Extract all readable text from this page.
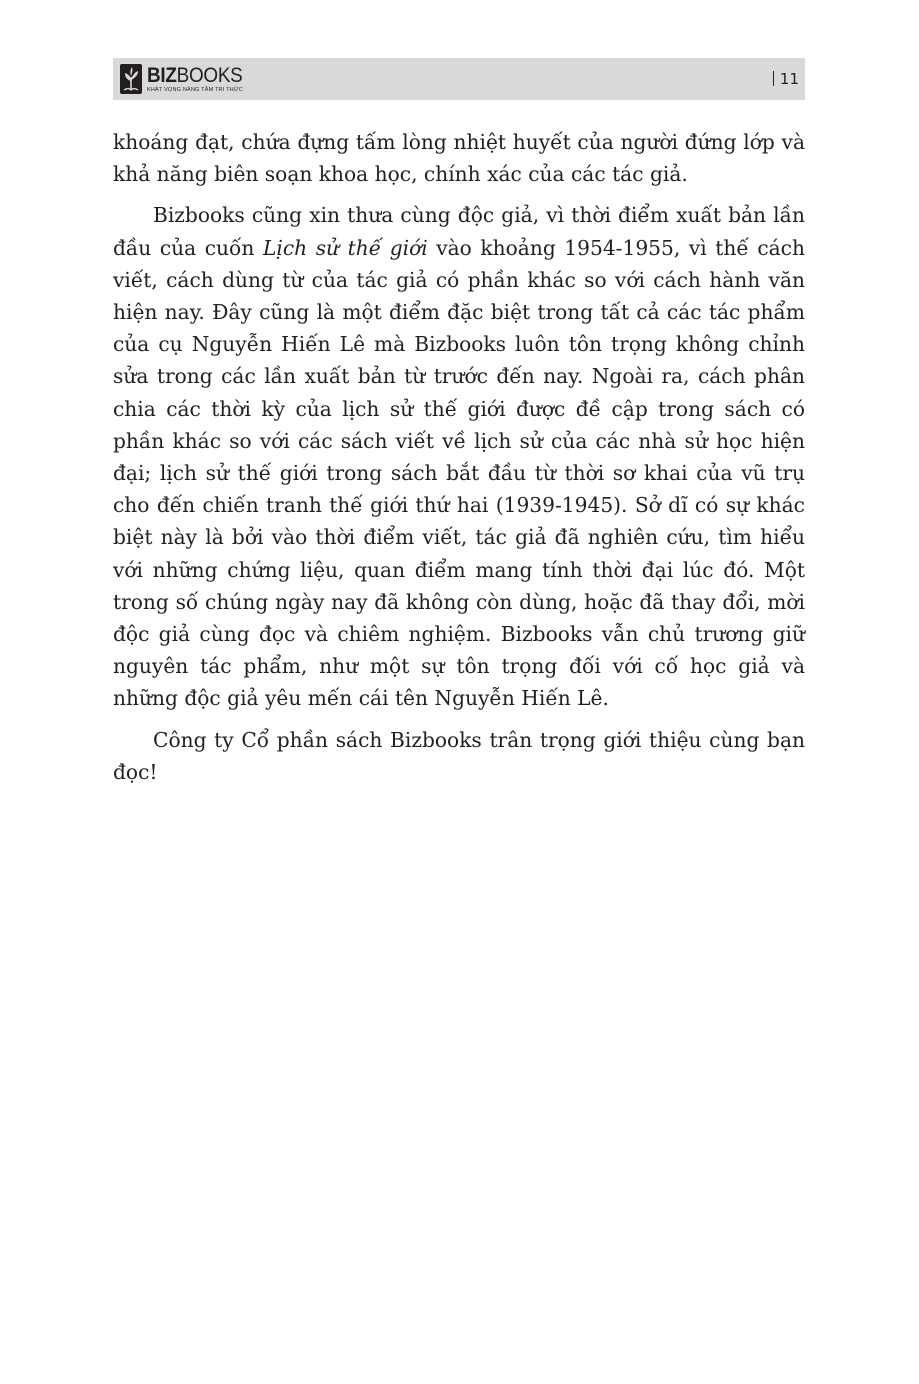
BIZBOOKS
KHÁT VỌNG NÂNG TẦM TRI THỨC
11

khoáng đạt, chứa đựng tấm lòng nhiệt huyết của người đứng lớp và khả năng biên soạn khoa học, chính xác của các tác giả.

Bizbooks cũng xin thưa cùng độc giả, vì thời điểm xuất bản lần đầu của cuốn Lịch sử thế giới vào khoảng 1954-1955, vì thế cách viết, cách dùng từ của tác giả có phần khác so với cách hành văn hiện nay. Đây cũng là một điểm đặc biệt trong tất cả các tác phẩm của cụ Nguyễn Hiến Lê mà Bizbooks luôn tôn trọng không chỉnh sửa trong các lần xuất bản từ trước đến nay. Ngoài ra, cách phân chia các thời kỳ của lịch sử thế giới được đề cập trong sách có phần khác so với các sách viết về lịch sử của các nhà sử học hiện đại; lịch sử thế giới trong sách bắt đầu từ thời sơ khai của vũ trụ cho đến chiến tranh thế giới thứ hai (1939-1945). Sở dĩ có sự khác biệt này là bởi vào thời điểm viết, tác giả đã nghiên cứu, tìm hiểu với những chứng liệu, quan điểm mang tính thời đại lúc đó. Một trong số chúng ngày nay đã không còn dùng, hoặc đã thay đổi, mời độc giả cùng đọc và chiêm nghiệm. Bizbooks vẫn chủ trương giữ nguyên tác phẩm, như một sự tôn trọng đối với cố học giả và những độc giả yêu mến cái tên Nguyễn Hiến Lê.

Công ty Cổ phần sách Bizbooks trân trọng giới thiệu cùng bạn đọc!
